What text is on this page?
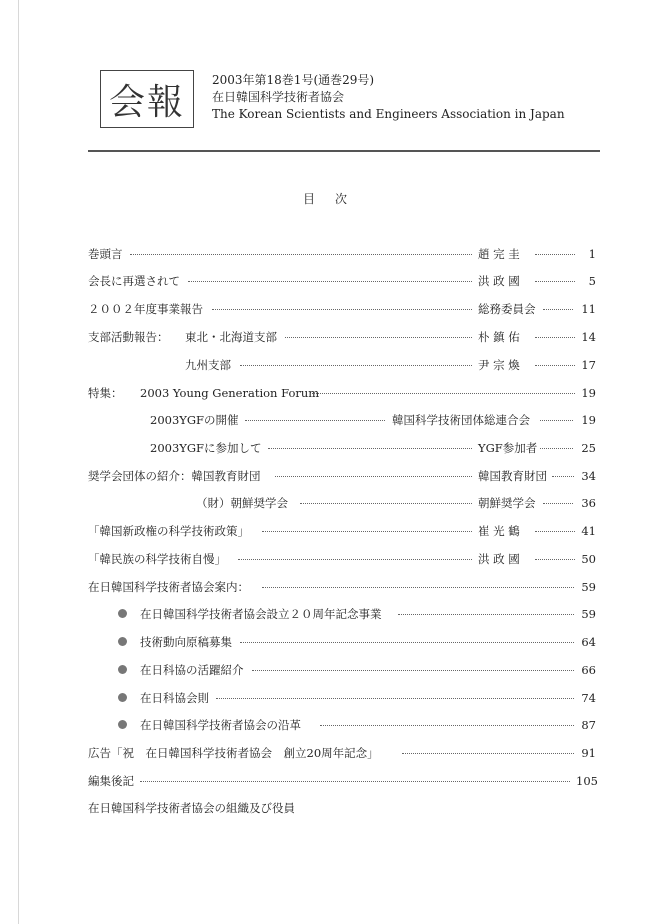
会報
2003年第18巻1号(通巻29号)
在日韓国科学技術者協会
The Korean Scientists and Engineers Association in Japan
目次
巻頭言	趙 完 圭	1
会長に再選されて	洪 政 國	5
２００２年度事業報告	総務委員会	11
支部活動報告： 東北・北海道支部	朴 鎮 佑	14
九州支部	尹 宗 煥	17
特集： 2003 Young Generation Forum	19
2003YGFの開催	韓国科学技術団体総連合会	19
2003YGFに参加して	YGF参加者	25
奨学会団体の紹介：韓国教育財団	韓国教育財団	34
（財）朝鮮奨学会	朝鮮奨学会	36
「韓国新政権の科学技術政策」	崔 光 鶴	41
「韓民族の科学技術自慢」	洪 政 國	50
在日韓国科学技術者協会案内：	59
在日韓国科学技術者協会設立２０周年記念事業	59
技術動向原稿募集	64
在日科協の活躍紹介	66
在日科協会則	74
在日韓国科学技術者協会の沿革	87
広告「祝　在日韓国科学技術者協会　創立20周年記念」	91
編集後記	105
在日韓国科学技術者協会の組織及び役員
